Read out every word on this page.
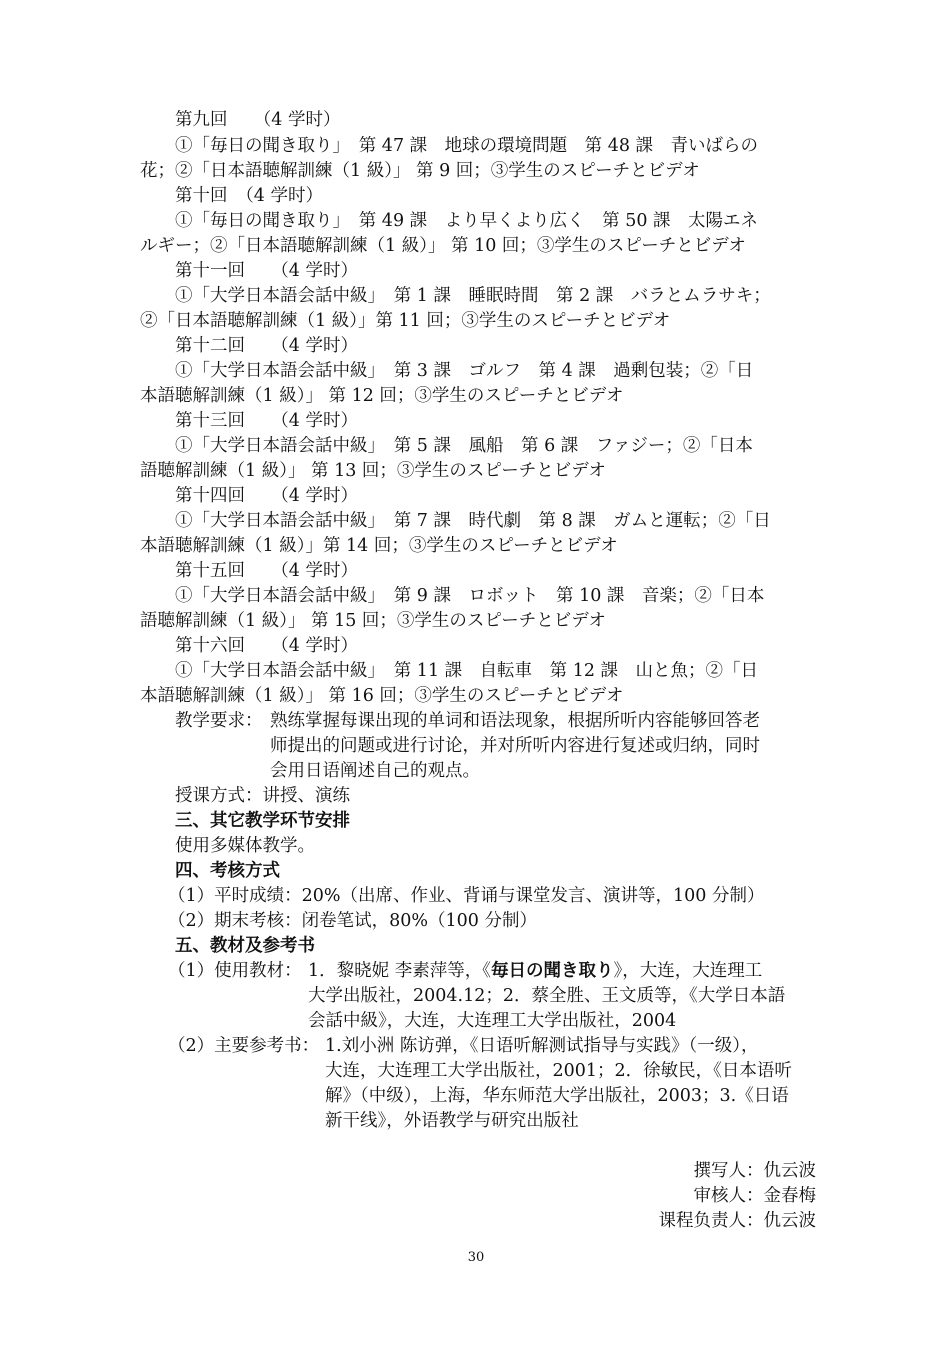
第九回　　（4 学时）
①「毎日の聞き取り」　第 47 課　地球の環境問題　第 48 課　青いばらの
花；②「日本語聴解訓練（1 級）」 第 9 回；③学生のスピーチとビデオ
第十回　（4 学时）
①「毎日の聞き取り」　第 49 課　より早くより広く　第 50 課　太陽エネ
ルギー；②「日本語聴解訓練（1 級）」 第 10 回；③学生のスピーチとビデオ
第十一回　　（4 学时）
①「大学日本語会話中級」　第 1 課　睡眠時間　第 2 課　バラとムラサキ；
②「日本語聴解訓練（1 級）」第 11 回；③学生のスピーチとビデオ
第十二回　　（4 学时）
①「大学日本語会話中級」　第 3 課　ゴルフ　第 4 課　過剰包装；②「日
本語聴解訓練（1 級）」 第 12 回；③学生のスピーチとビデオ
第十三回　　（4 学时）
①「大学日本語会話中級」　第 5 課　風船　第 6 課　ファジー；②「日本
語聴解訓練（1 級）」 第 13 回；③学生のスピーチとビデオ
第十四回　　（4 学时）
①「大学日本語会話中級」　第 7 課　時代劇　第 8 課　ガムと運転；②「日
本語聴解訓練（1 級）」第 14 回；③学生のスピーチとビデオ
第十五回　　（4 学时）
①「大学日本語会話中級」　第 9 課　ロボット　第 10 課　音楽；②「日本
語聴解訓練（1 級）」 第 15 回；③学生のスピーチとビデオ
第十六回　　（4 学时）
①「大学日本語会話中級」　第 11 課　自転車　第 12 課　山と魚；②「日
本語聴解訓練（1 級）」 第 16 回；③学生のスピーチとビデオ
教学要求： 熟练掌握每课出现的单词和语法现象，根据所听内容能够回答老
师提出的问题或进行讨论，并对所听内容进行复述或归纳，同时
会用日语阐述自己的观点。
授课方式：讲授、演练
三、其它教学环节安排
使用多媒体教学。
四、考核方式
（1）平时成绩：20%（出席、作业、背诵与课堂发言、演讲等，100 分制）
（2）期末考核：闭卷笔试，80%（100 分制）
五、教材及参考书
（1）使用教材： 1．黎晓妮 李素萍等，《毎日の聞き取り》，大连，大连理工
大学出版社，2004.12；2．蔡全胜、王文质等，《大学日本語
会話中級》，大连，大连理工大学出版社，2004
（2）主要参考书： 1.刘小洲 陈访弹，《日语听解测试指导与实践》（一级），
大连，大连理工大学出版社，2001；2．徐敏民，《日本语听
解》（中级），上海，华东师范大学出版社，2003；3.《日语
新干线》，外语教学与研究出版社
撰写人：仇云波
审核人：金春梅
课程负责人：仇云波
30
